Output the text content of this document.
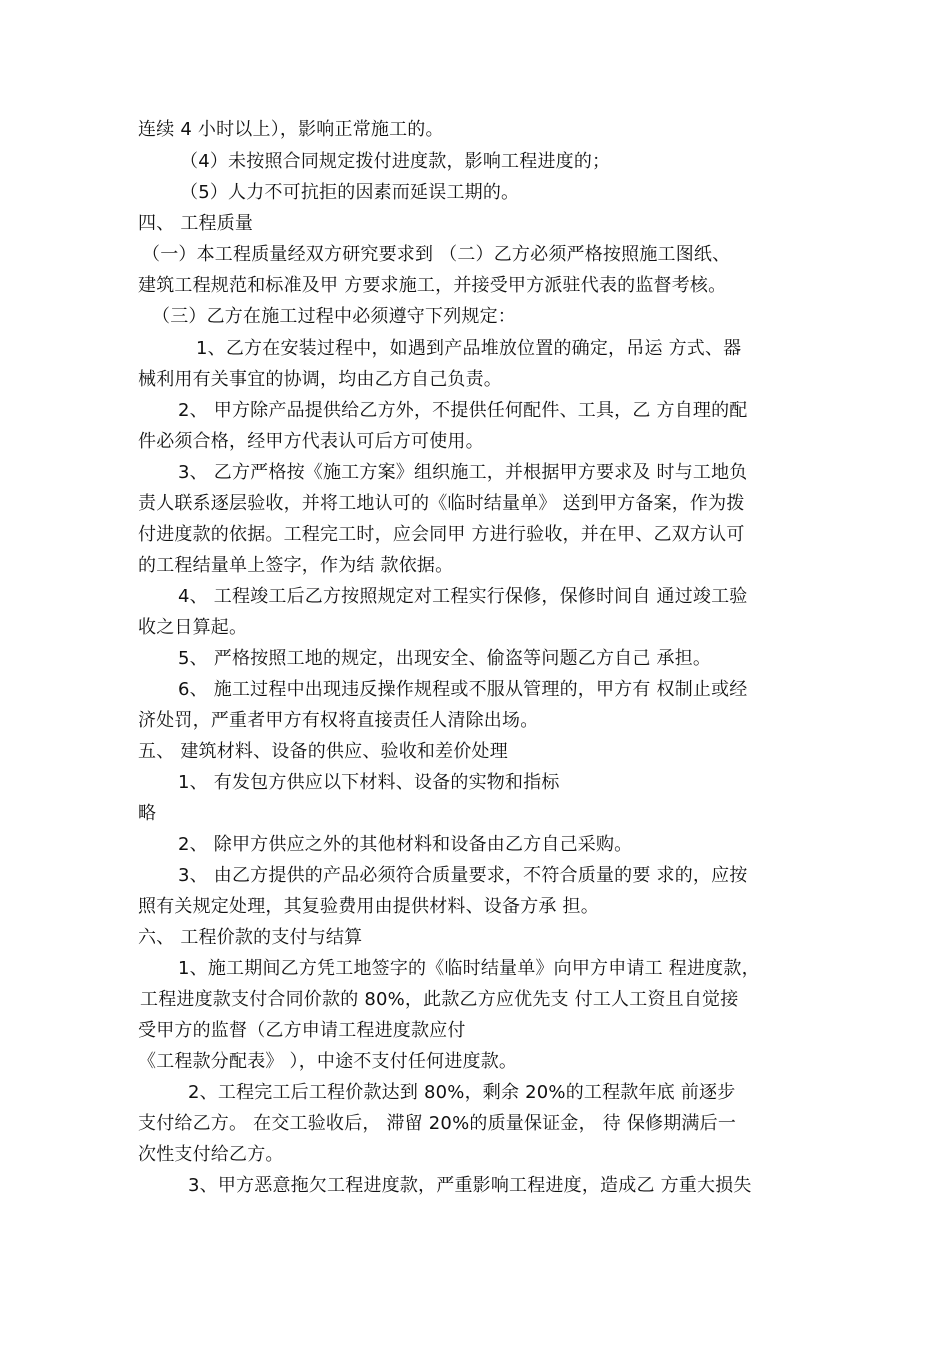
连续 4 小时以上），影响正常施工的。
（4）未按照合同规定拨付进度款，影响工程进度的；
（5）人力不可抗拒的因素而延误工期的。
四、 工程质量
（一）本工程质量经双方研究要求到 （二）乙方必须严格按照施工图纸、
建筑工程规范和标准及甲 方要求施工，并接受甲方派驻代表的监督考核。
（三）乙方在施工过程中必须遵守下列规定：
1、乙方在安装过程中，如遇到产品堆放位置的确定，吊运 方式、器
械利用有关事宜的协调，均由乙方自己负责。
2、 甲方除产品提供给乙方外，不提供任何配件、工具，乙 方自理的配
件必须合格，经甲方代表认可后方可使用。
3、 乙方严格按《施工方案》组织施工，并根据甲方要求及 时与工地负
责人联系逐层验收，并将工地认可的《临时结量单》 送到甲方备案，作为拨
付进度款的依据。工程完工时，应会同甲 方进行验收，并在甲、乙双方认可
的工程结量单上签字，作为结 款依据。
4、 工程竣工后乙方按照规定对工程实行保修，保修时间自 通过竣工验
收之日算起。
5、 严格按照工地的规定，出现安全、偷盗等问题乙方自己 承担。
6、 施工过程中出现违反操作规程或不服从管理的，甲方有 权制止或经
济处罚，严重者甲方有权将直接责任人清除出场。
五、 建筑材料、设备的供应、验收和差价处理
1、 有发包方供应以下材料、设备的实物和指标
略
2、 除甲方供应之外的其他材料和设备由乙方自己采购。
3、 由乙方提供的产品必须符合质量要求，不符合质量的要 求的，应按
照有关规定处理，其复验费用由提供材料、设备方承 担。
六、 工程价款的支付与结算
1、施工期间乙方凭工地签字的《临时结量单》向甲方申请工 程进度款，
工程进度款支付合同价款的 80%，此款乙方应优先支 付工人工资且自觉接
受甲方的监督（乙方申请工程进度款应付
《工程款分配表》 ），中途不支付任何进度款。
2、工程完工后工程价款达到 80%，剩余 20%的工程款年底 前逐步
支付给乙方。 在交工验收后， 滞留 20%的质量保证金， 待 保修期满后一
次性支付给乙方。
3、甲方恶意拖欠工程进度款，严重影响工程进度，造成乙 方重大损失
